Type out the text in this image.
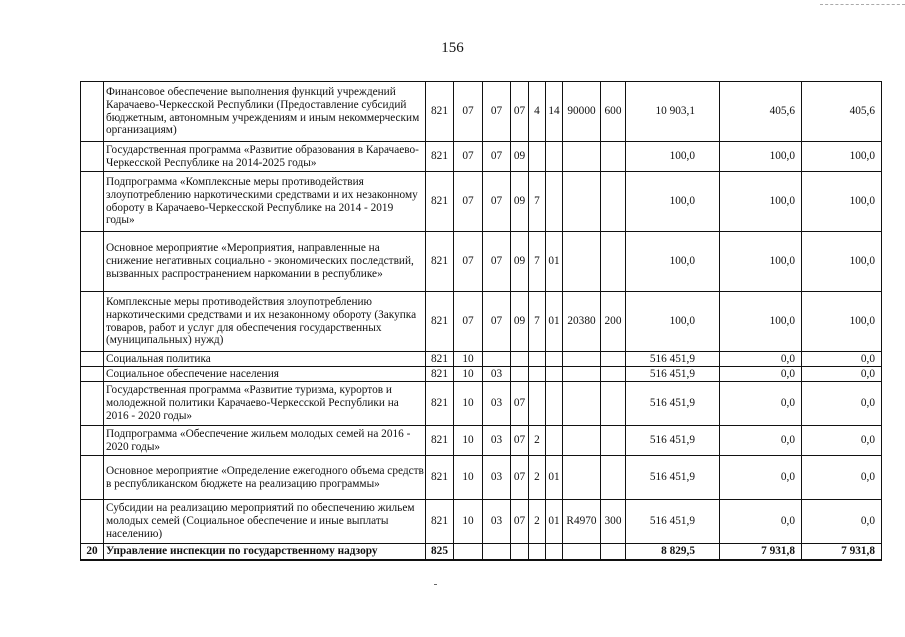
156
	Финансовое обеспечение выполнения функций учреждений Карачаево-Черкесской Республики (Предоставление субсидий бюджетным, автономным учреждениям и иным некоммерческим организациям)	821	07	07	07	4	14	90000	600	10 903,1	405,6	405,6
	Государственная программа «Развитие образования в Карачаево-Черкесской Республике на 2014-2025 годы»	821	07	07	09					100,0	100,0	100,0
	Подпрограмма «Комплексные меры противодействия злоупотреблению наркотическими средствами и их незаконному обороту в Карачаево-Черкесской Республике на 2014 - 2019 годы»	821	07	07	09	7				100,0	100,0	100,0
	Основное мероприятие «Мероприятия, направленные на снижение негативных социально - экономических последствий, вызванных распространением наркомании в республике»	821	07	07	09	7	01			100,0	100,0	100,0
	Комплексные меры противодействия злоупотреблению наркотическими средствами и их незаконному обороту (Закупка товаров, работ и услуг для обеспечения государственных (муниципальных) нужд)	821	07	07	09	7	01	20380	200	100,0	100,0	100,0
	Социальная политика	821	10							516 451,9	0,0	0,0
	Социальное обеспечение населения	821	10	03						516 451,9	0,0	0,0
	Государственная программа «Развитие туризма, курортов и молодежной политики Карачаево-Черкесской Республики на 2016 - 2020 годы»	821	10	03	07					516 451,9	0,0	0,0
	Подпрограмма «Обеспечение жильем молодых семей на 2016 - 2020 годы»	821	10	03	07	2				516 451,9	0,0	0,0
	Основное мероприятие «Определение ежегодного объема средств в республиканском бюджете на реализацию программы»	821	10	03	07	2	01			516 451,9	0,0	0,0
	Субсидии на реализацию мероприятий по обеспечению жильем молодых семей (Социальное обеспечение и иные выплаты населению)	821	10	03	07	2	01	R4970	300	516 451,9	0,0	0,0
20	Управление инспекции по государственному надзору	825								8 829,5	7 931,8	7 931,8
